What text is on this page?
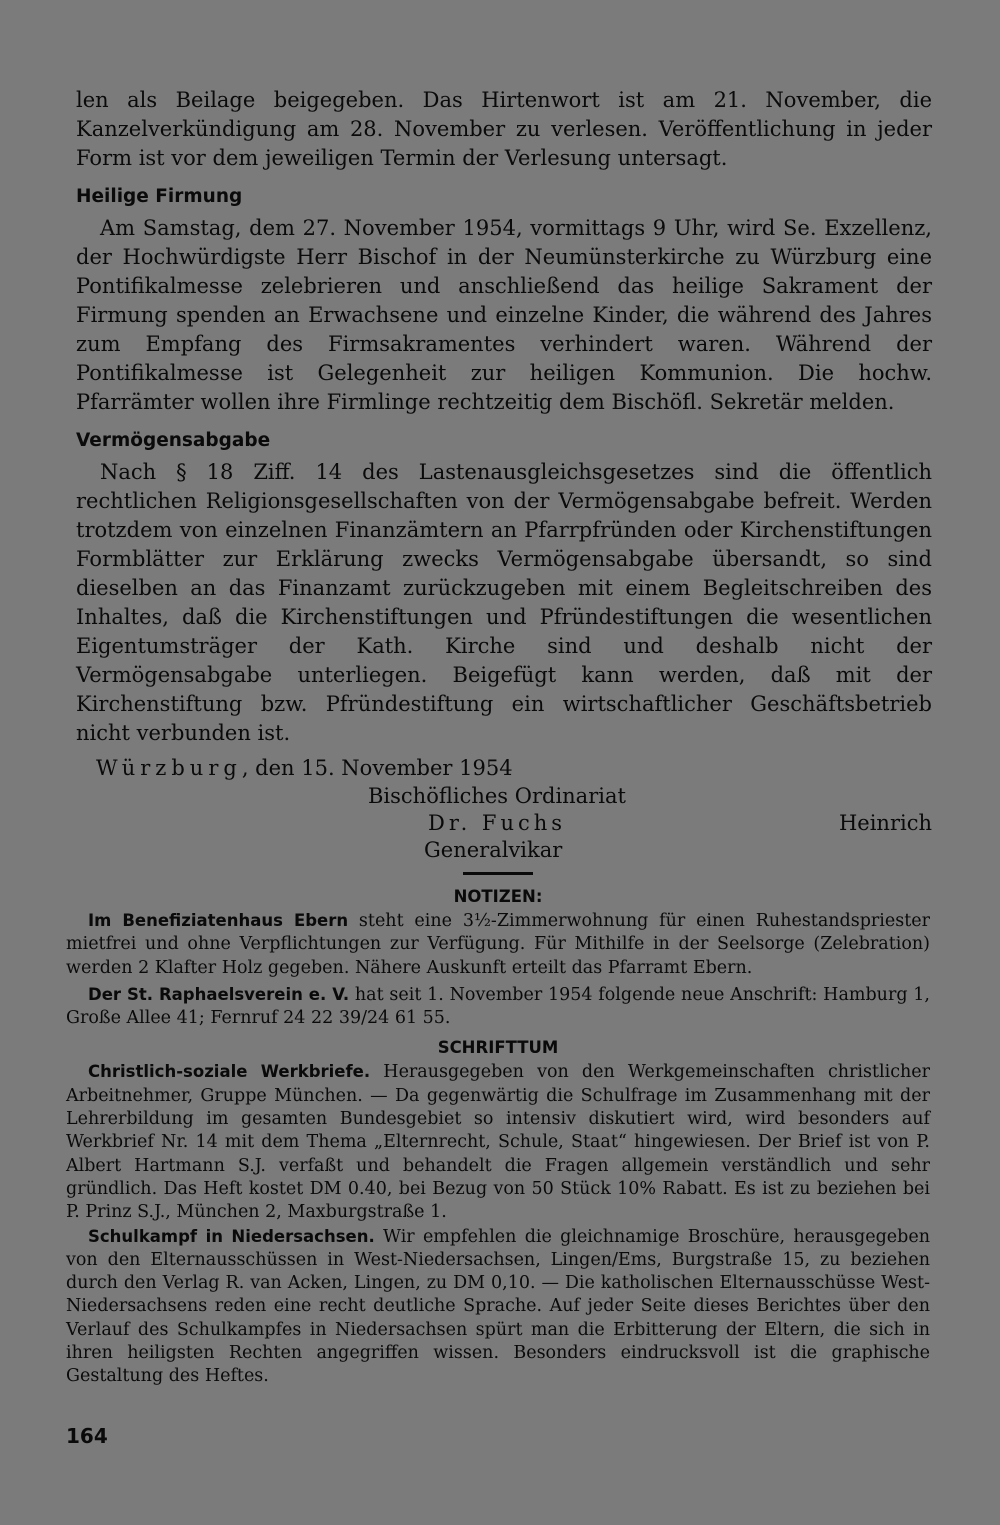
len als Beilage beigegeben. Das Hirtenwort ist am 21. November, die Kanzelverkündigung am 28. November zu verlesen. Veröffentlichung in jeder Form ist vor dem jeweiligen Termin der Verlesung untersagt.

Heilige Firmung

Am Samstag, dem 27. November 1954, vormittags 9 Uhr, wird Se. Exzellenz, der Hochwürdigste Herr Bischof in der Neumünsterkirche zu Würzburg eine Pontifikalmesse zelebrieren und anschließend das heilige Sakrament der Firmung spenden an Erwachsene und einzelne Kinder, die während des Jahres zum Empfang des Firmsakramentes verhindert waren. Während der Pontifikalmesse ist Gelegenheit zur heiligen Kommunion. Die hochw. Pfarrämter wollen ihre Firmlinge rechtzeitig dem Bischöfl. Sekretär melden.

Vermögensabgabe

Nach § 18 Ziff. 14 des Lastenausgleichsgesetzes sind die öffentlich rechtlichen Religionsgesellschaften von der Vermögensabgabe befreit. Werden trotzdem von einzelnen Finanzämtern an Pfarrpfründen oder Kirchenstiftungen Formblätter zur Erklärung zwecks Vermögensabgabe übersandt, so sind dieselben an das Finanzamt zurückzugeben mit einem Begleitschreiben des Inhaltes, daß die Kirchenstiftungen und Pfründestiftungen die wesentlichen Eigentumsträger der Kath. Kirche sind und deshalb nicht der Vermögensabgabe unterliegen. Beigefügt kann werden, daß mit der Kirchenstiftung bzw. Pfründestiftung ein wirtschaftlicher Geschäftsbetrieb nicht verbunden ist.

Würzburg, den 15. November 1954
Bischöfliches Ordinariat
Dr. Fuchs
Generalvikar
Heinrich
NOTIZEN:

Im Benefiziatenhaus Ebern steht eine 3½-Zimmerwohnung für einen Ruhestandspriester mietfrei und ohne Verpflichtungen zur Verfügung. Für Mithilfe in der Seelsorge (Zelebration) werden 2 Klafter Holz gegeben. Nähere Auskunft erteilt das Pfarramt Ebern.

Der St. Raphaelsverein e. V. hat seit 1. November 1954 folgende neue Anschrift: Hamburg 1, Große Allee 41; Fernruf 24 22 39/24 61 55.

SCHRIFTTUM

Christlich-soziale Werkbriefe. Herausgegeben von den Werkgemeinschaften christlicher Arbeitnehmer, Gruppe München. — Da gegenwärtig die Schulfrage im Zusammenhang mit der Lehrerbildung im gesamten Bundesgebiet so intensiv diskutiert wird, wird besonders auf Werkbrief Nr. 14 mit dem Thema „Elternrecht, Schule, Staat“ hingewiesen. Der Brief ist von P. Albert Hartmann S.J. verfaßt und behandelt die Fragen allgemein verständlich und sehr gründlich. Das Heft kostet DM 0.40, bei Bezug von 50 Stück 10% Rabatt. Es ist zu beziehen bei P. Prinz S.J., München 2, Maxburgstraße 1.

Schulkampf in Niedersachsen. Wir empfehlen die gleichnamige Broschüre, herausgegeben von den Elternausschüssen in West-Niedersachsen, Lingen/Ems, Burgstraße 15, zu beziehen durch den Verlag R. van Acken, Lingen, zu DM 0,10. — Die katholischen Elternausschüsse West-Niedersachsens reden eine recht deutliche Sprache. Auf jeder Seite dieses Berichtes über den Verlauf des Schulkampfes in Niedersachsen spürt man die Erbitterung der Eltern, die sich in ihren heiligsten Rechten angegriffen wissen. Besonders eindrucksvoll ist die graphische Gestaltung des Heftes.

164
